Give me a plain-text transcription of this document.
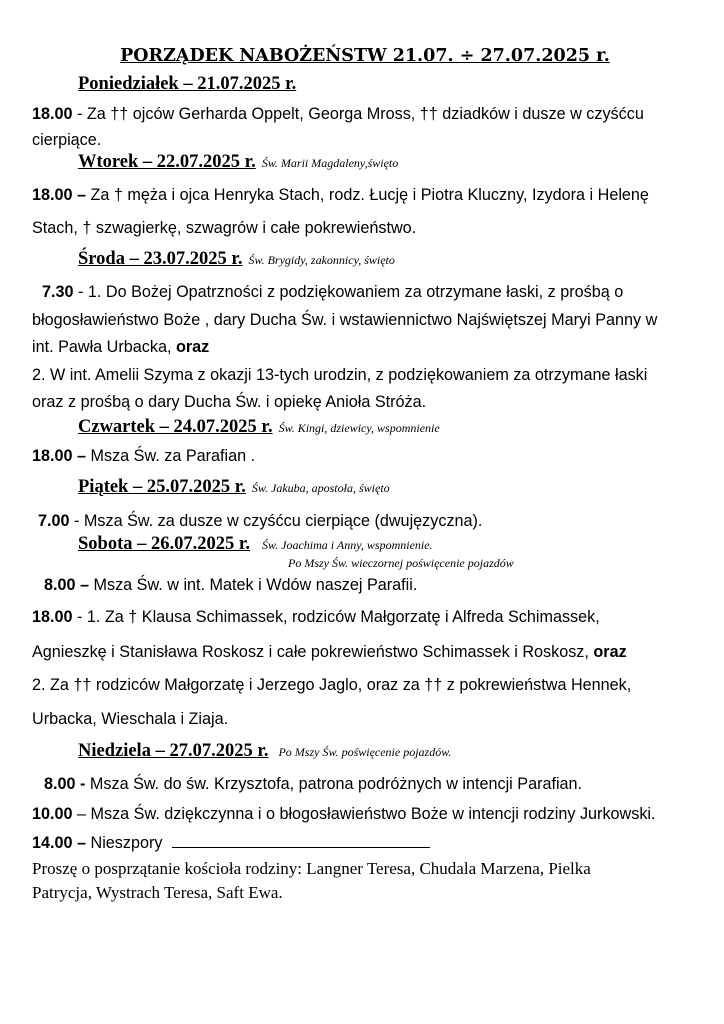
PORZĄDEK NABOŻEŃSTW 21.07. ÷ 27.07.2025 r.
Poniedziałek – 21.07.2025 r.
18.00 - Za †† ojców Gerharda Oppelt, Georga Mross, †† dziadków i dusze w czyśćcu
cierpiące.
Wtorek – 22.07.2025 r. Św. Marii Magdaleny,święto
18.00 – Za † męża i ojca Henryka Stach, rodz. Łucję i Piotra Kluczny, Izydora i Helenę
Stach, † szwagierkę, szwagrów i całe pokrewieństwo.
Środa – 23.07.2025 r. Św. Brygidy, zakonnicy, święto
7.30 - 1. Do Bożej Opatrzności z podziękowaniem za otrzymane łaski, z prośbą o
błogosławieństwo Boże , dary Ducha Św. i wstawiennictwo Najświętszej Maryi Panny w
int. Pawła Urbacka, oraz
2. W int. Amelii Szyma z okazji 13-tych urodzin, z podziękowaniem za otrzymane łaski
oraz z prośbą o dary Ducha Św. i opiekę Anioła Stróża.
Czwartek – 24.07.2025 r. Św. Kingi, dziewicy, wspomnienie
18.00 – Msza Św. za Parafian .
Piątek – 25.07.2025 r. Św. Jakuba, apostoła, święto
7.00 - Msza Św. za dusze w czyśćcu cierpiące (dwujęzyczna).
Sobota – 26.07.2025 r. Św. Joachima i Anny, wspomnienie.
Po Mszy Św. wieczornej poświęcenie pojazdów
8.00 – Msza Św. w int. Matek i Wdów naszej Parafii.
18.00 - 1. Za † Klausa Schimassek, rodziców Małgorzatę i Alfreda Schimassek,
Agnieszkę i Stanisława Roskosz i całe pokrewieństwo Schimassek i Roskosz, oraz
2. Za †† rodziców Małgorzatę i Jerzego Jaglo, oraz za †† z pokrewieństwa Hennek,
Urbacka, Wieschala i Ziaja.
Niedziela – 27.07.2025 r. Po Mszy Św. poświęcenie pojazdów.
8.00 - Msza Św. do św. Krzysztofa, patrona podróżnych w intencji Parafian.
10.00 – Msza Św. dziękczynna i o błogosławieństwo Boże w intencji rodziny Jurkowski.
14.00 – Nieszpory
Proszę o posprzątanie kościoła rodziny: Langner Teresa, Chudala Marzena, Pielka
Patrycja, Wystrach Teresa, Saft Ewa.
